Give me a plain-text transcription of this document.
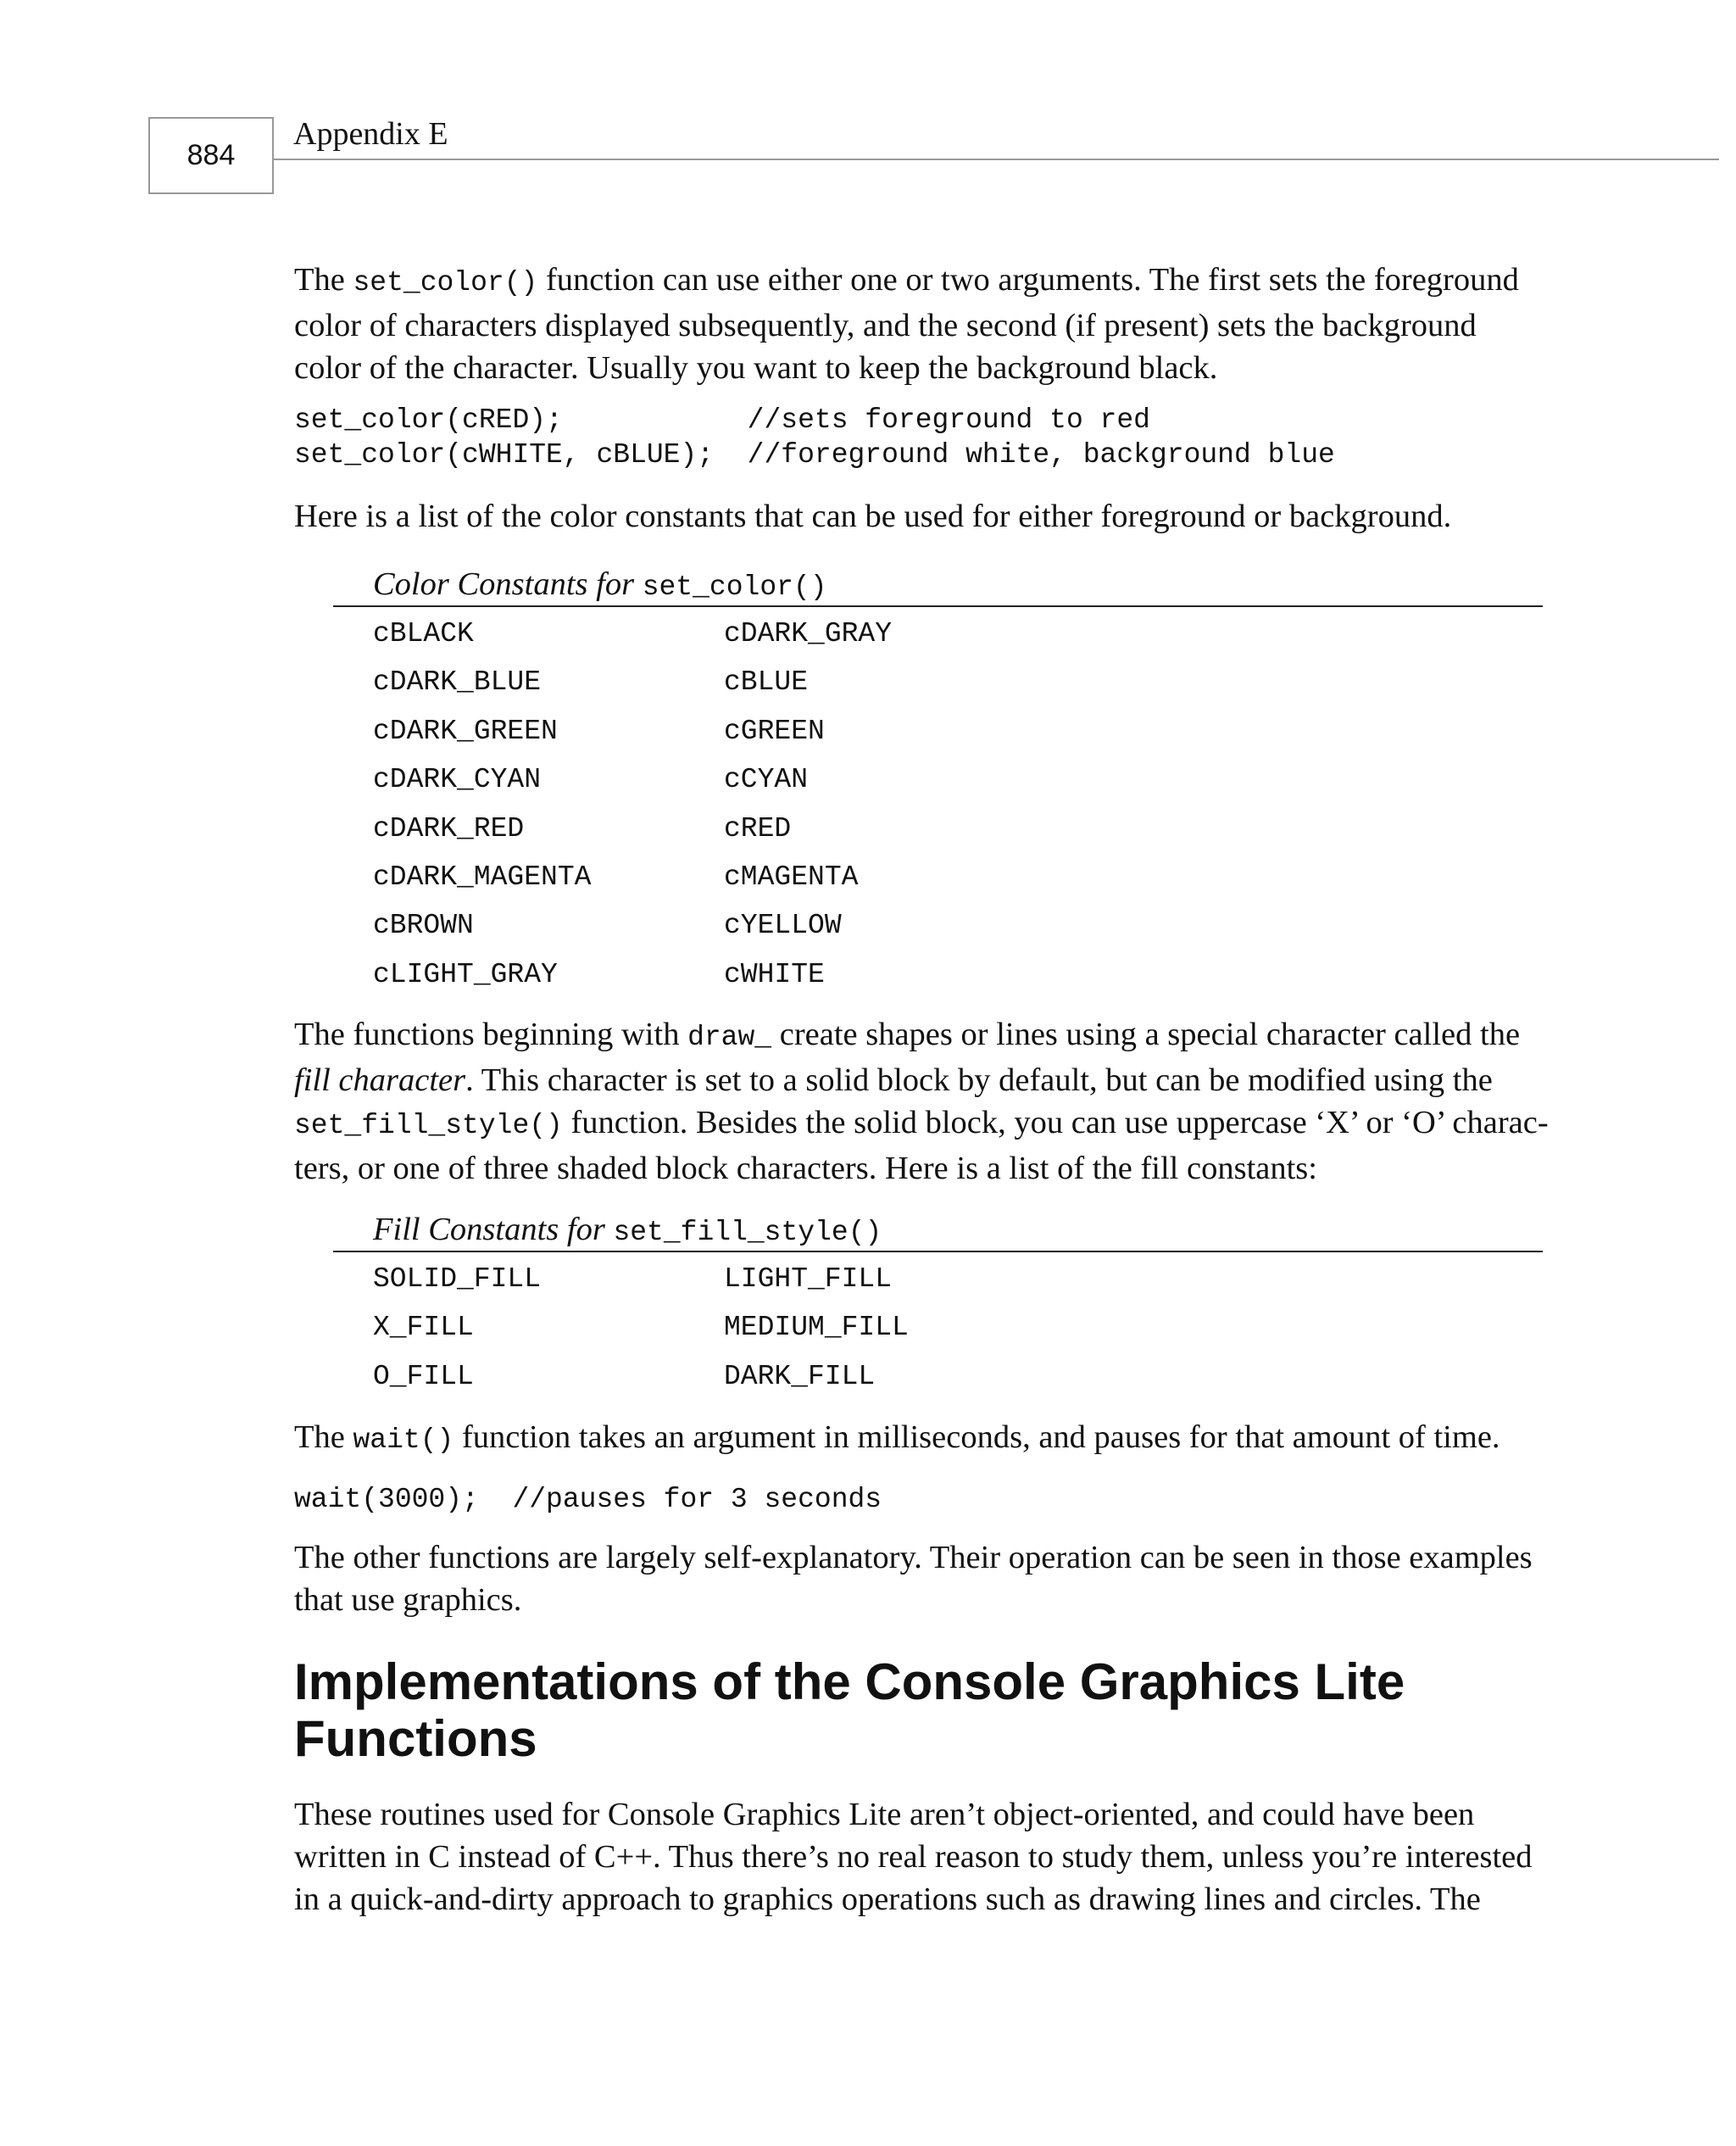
884
Appendix E

The set_color() function can use either one or two arguments. The first sets the foreground

color of characters displayed subsequently, and the second (if present) sets the background

color of the character. Usually you want to keep the background black.

set_color(cRED);           //sets foreground to red

set_color(cWHITE, cBLUE);  //foreground white, background blue

Here is a list of the color constants that can be used for either foreground or background.

Color Constants for set_color()
cBLACK	cDARK_GRAY
cDARK_BLUE	cBLUE
cDARK_GREEN	cGREEN
cDARK_CYAN	cCYAN
cDARK_RED	cRED
cDARK_MAGENTA	cMAGENTA
cBROWN	cYELLOW
cLIGHT_GRAY	cWHITE

The functions beginning with draw_ create shapes or lines using a special character called the

fill character. This character is set to a solid block by default, but can be modified using the

set_fill_style() function. Besides the solid block, you can use uppercase ‘X’ or ‘O’ charac-

ters, or one of three shaded block characters. Here is a list of the fill constants:

Fill Constants for set_fill_style()
SOLID_FILL	LIGHT_FILL
X_FILL	MEDIUM_FILL
O_FILL	DARK_FILL

The wait() function takes an argument in milliseconds, and pauses for that amount of time.

wait(3000);  //pauses for 3 seconds

The other functions are largely self-explanatory. Their operation can be seen in those examples

that use graphics.

Implementations of the Console Graphics Lite
Functions

These routines used for Console Graphics Lite aren’t object-oriented, and could have been

written in C instead of C++. Thus there’s no real reason to study them, unless you’re interested

in a quick-and-dirty approach to graphics operations such as drawing lines and circles. The
